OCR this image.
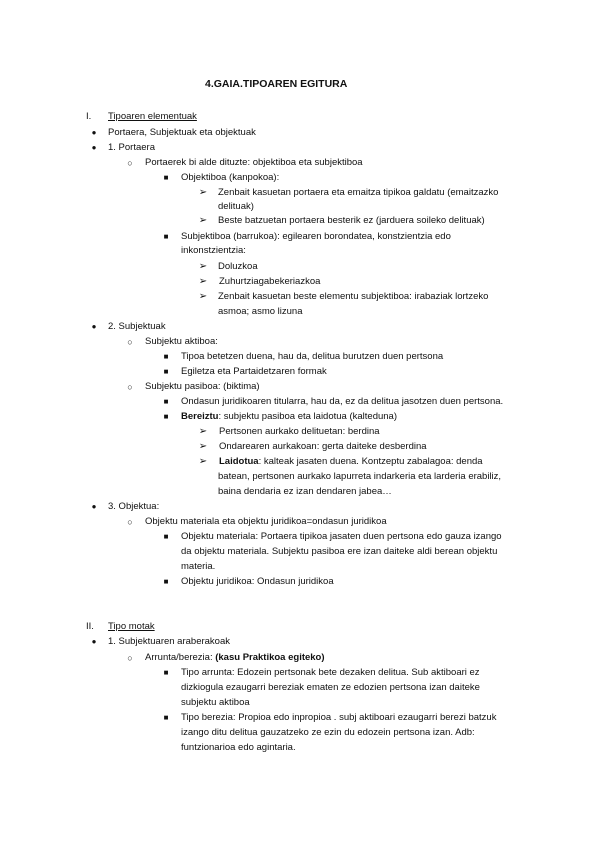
4.GAIA.TIPOAREN EGITURA
I. Tipoaren elementuak
●	Portaera, Subjektuak eta objektuak
●	1. Portaera
○	Portaerek bi alde dituzte: objektiboa eta subjektiboa
■	Objektiboa (kanpokoa):
➢ Zenbait kasuetan portaera eta emaitza tipikoa galdatu (emaitzazko
delituak)
➢ Beste batzuetan portaera besterik ez (jarduera soileko delituak)
■	Subjektiboa (barrukoa): egilearen borondatea, konstzientzia edo
inkonstzientzia:
➢ Doluzkoa
➢ Zuhurtziagabekeriazkoa
➢ Zenbait kasuetan beste elementu subjektiboa: irabaziak lortzeko
asmoa; asmo lizuna
●	2. Subjektuak
○	Subjektu aktiboa:
■	Tipoa betetzen duena, hau da, delitua burutzen duen pertsona
■	Egiletza eta Partaidetzaren formak
○	Subjektu pasiboa: (biktima)
■	Ondasun juridikoaren titularra, hau da, ez da delitua jasotzen duen pertsona.
■	Bereiztu: subjektu pasiboa eta laidotua (kalteduna)
➢ Pertsonen aurkako delituetan: berdina
➢ Ondarearen aurkakoan: gerta daiteke desberdina
➢ Laidotua: kalteak jasaten duena. Kontzeptu zabalagoa: denda
batean, pertsonen aurkako lapurreta indarkeria eta larderia erabiliz,
baina dendaria ez izan dendaren jabea…
●	3. Objektua:
○	Objektu materiala eta objektu juridikoa=ondasun juridikoa
■	Objektu materiala: Portaera tipikoa jasaten duen pertsona edo gauza izango
da objektu materiala. Subjektu pasiboa ere izan daiteke aldi berean objektu
materia.
■	Objektu juridikoa: Ondasun juridikoa
II. Tipo motak
●	1. Subjektuaren araberakoak
○	Arrunta/berezia: (kasu Praktikoa egiteko)
■	Tipo arrunta: Edozein pertsonak bete dezaken delitua. Sub aktiboari ez
dizkiogula ezaugarri bereziak ematen ze edozien pertsona izan daiteke
subjektu aktiboa
■	Tipo berezia: Propioa edo inpropioa . subj aktiboari ezaugarri berezi batzuk
izango ditu delitua gauzatzeko ze ezin du edozein pertsona izan. Adb:
funtzionarioa edo agintaria.
